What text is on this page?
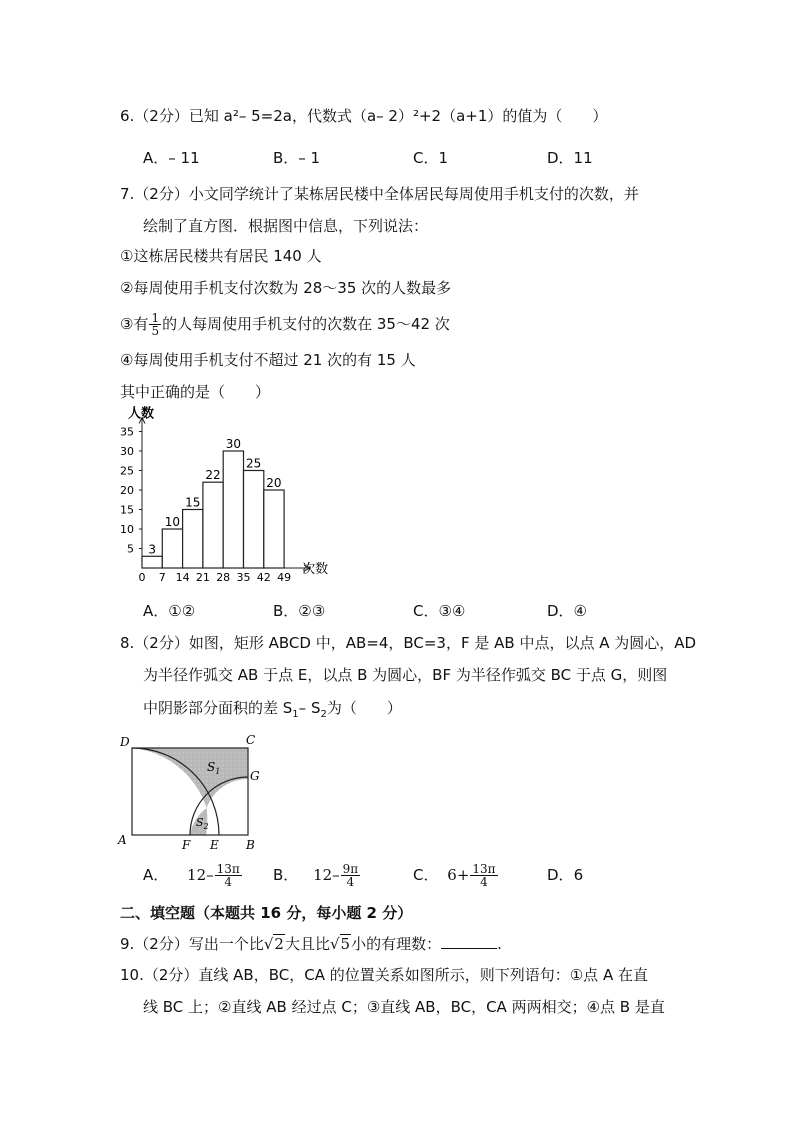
6.（2分）已知 a²– 5=2a，代数式（a– 2）²+2（a+1）的值为（　　）
A．– 11	B．– 1	C．1	D．11
7.（2分）小文同学统计了某栋居民楼中全体居民每周使用手机支付的次数，并
绘制了直方图．根据图中信息，下列说法：
①这栋居民楼共有居民 140 人
②每周使用手机支付次数为 28～35 次的人数最多
③有 $\frac{1}{5}$ 的人每周使用手机支付的次数在 35～42 次
④每周使用手机支付不超过 21 次的有 15 人
其中正确的是（　　）
3
10
15
22
30
25
20
5
10
15
20
25
30
35
0 7 14 21 28 35 42 49
人数
次数
A．①②	B．②③	C．③④	D．④
8.（2分）如图，矩形 ABCD 中，AB=4，BC=3，F 是 AB 中点，以点 A 为圆心，AD
为半径作弧交 AB 于点 E，以点 B 为圆心，BF 为半径作弧交 BC 于点 G，则图
中阴影部分面积的差 $S_1-$ $S_2$为（　　）
D	C
G
A	F E B
$S_1$
$S_2$
A． $12- \frac{13\pi}{4}$ B． $12- \frac{9\pi}{4}$	C． $6+ \frac{13\pi}{4}$	D．6
二、填空题（本题共 16 分，每小题 2 分）
9.（2分）写出一个比√2大且比√5小的有理数：	.
10.（2分）直线 AB，BC，CA 的位置关系如图所示，则下列语句：①点 A 在直
线 BC 上；②直线 AB 经过点 C；③直线 AB，BC，CA 两两相交；④点 B 是直
